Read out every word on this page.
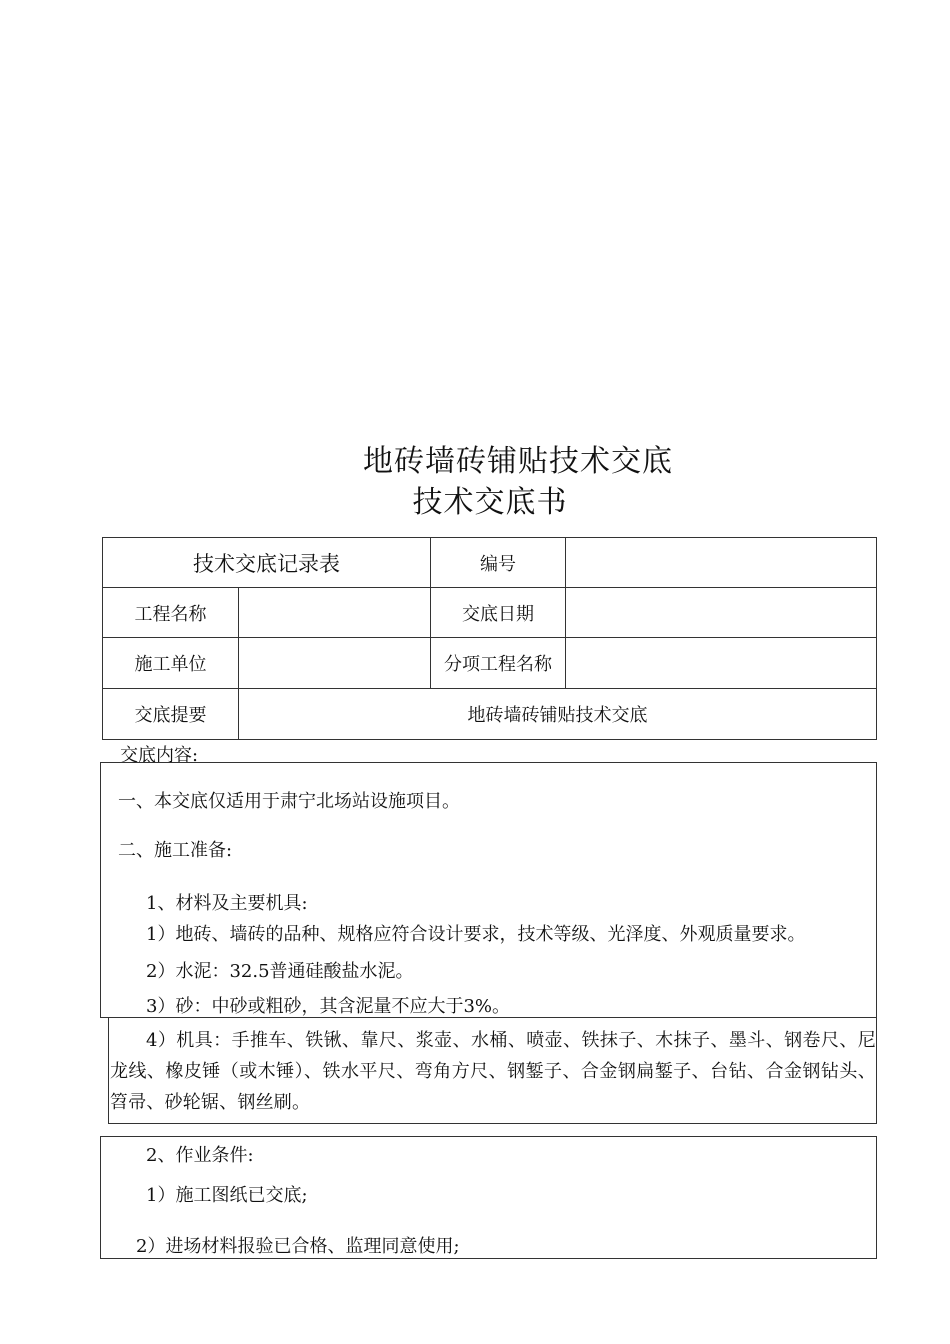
地砖墙砖铺贴技术交底
技术交底书
技术交底记录表		编号	
工程名称		交底日期	
施工单位		分项工程名称	
交底提要	地砖墙砖铺贴技术交底		
交底内容:
一、本交底仅适用于肃宁北场站设施项目。
二、施工准备:
1、材料及主要机具:
1）地砖、墙砖的品种、规格应符合设计要求，技术等级、光泽度、外观质量要求。
2）水泥：32.5普通硅酸盐水泥。
3）砂：中砂或粗砂，其含泥量不应大于3%。
4）机具：手推车、铁锹、靠尺、浆壶、水桶、喷壶、铁抹子、木抹子、墨斗、钢卷尺、尼龙线、橡皮锤（或木锤）、铁水平尺、弯角方尺、钢錾子、合金钢扁錾子、台钻、合金钢钻头、笤帚、砂轮锯、钢丝刷。
2、作业条件:
1）施工图纸已交底;
2）进场材料报验已合格、监理同意使用;
